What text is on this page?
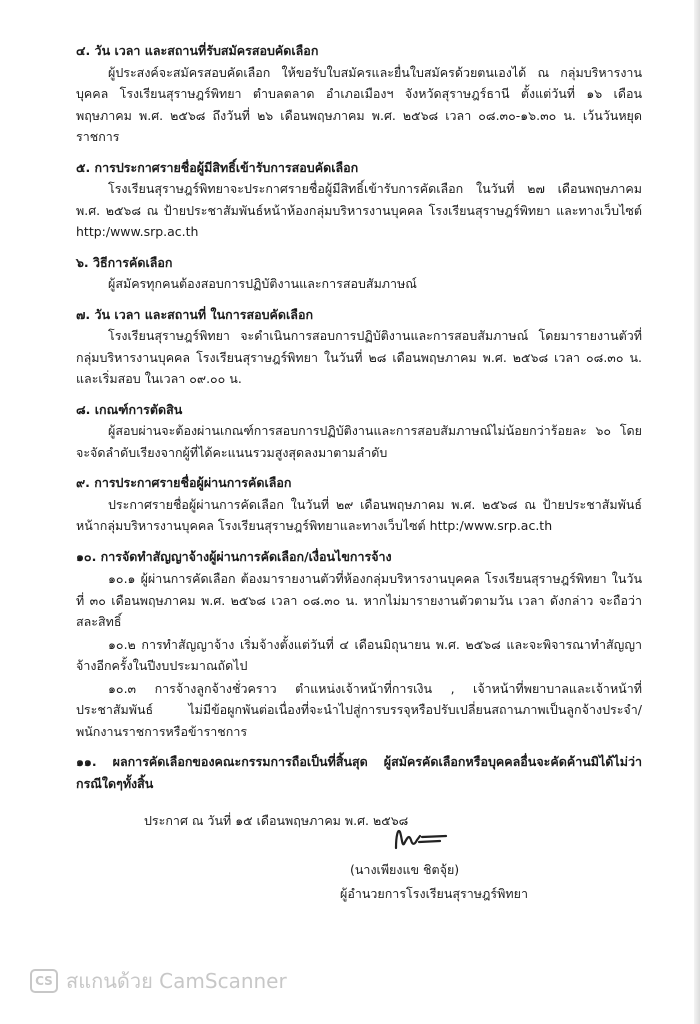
๔. วัน เวลา และสถานที่รับสมัครสอบคัดเลือก
ผู้ประสงค์จะสมัครสอบคัดเลือก ให้ขอรับใบสมัครและยื่นใบสมัครด้วยตนเองได้ ณ กลุ่มบริหารงานบุคคล โรงเรียนสุราษฎร์พิทยา ตำบลตลาด อำเภอเมืองฯ จังหวัดสุราษฎร์ธานี ตั้งแต่วันที่ ๑๖ เดือนพฤษภาคม พ.ศ. ๒๕๖๘ ถึงวันที่ ๒๖ เดือนพฤษภาคม พ.ศ. ๒๕๖๘ เวลา ๐๘.๓๐-๑๖.๓๐ น. เว้นวันหยุดราชการ
๕. การประกาศรายชื่อผู้มีสิทธิ์เข้ารับการสอบคัดเลือก
โรงเรียนสุราษฎร์พิทยาจะประกาศรายชื่อผู้มีสิทธิ์เข้ารับการคัดเลือก ในวันที่ ๒๗ เดือนพฤษภาคม พ.ศ. ๒๕๖๘ ณ ป้ายประชาสัมพันธ์หน้าห้องกลุ่มบริหารงานบุคคล โรงเรียนสุราษฎร์พิทยา และทางเว็บไซต์ http:/www.srp.ac.th
๖. วิธีการคัดเลือก
ผู้สมัครทุกคนต้องสอบการปฏิบัติงานและการสอบสัมภาษณ์
๗. วัน เวลา และสถานที่ ในการสอบคัดเลือก
โรงเรียนสุราษฎร์พิทยา จะดำเนินการสอบการปฏิบัติงานและการสอบสัมภาษณ์ โดยมารายงานตัวที่กลุ่มบริหารงานบุคคล โรงเรียนสุราษฎร์พิทยา ในวันที่ ๒๘ เดือนพฤษภาคม พ.ศ. ๒๕๖๘ เวลา ๐๘.๓๐ น. และเริ่มสอบ ในเวลา ๐๙.๐๐ น.
๘. เกณฑ์การตัดสิน
ผู้สอบผ่านจะต้องผ่านเกณฑ์การสอบการปฏิบัติงานและการสอบสัมภาษณ์ไม่น้อยกว่าร้อยละ ๖๐ โดยจะจัดลำดับเรียงจากผู้ที่ได้คะแนนรวมสูงสุดลงมาตามลำดับ
๙. การประกาศรายชื่อผู้ผ่านการคัดเลือก
ประกาศรายชื่อผู้ผ่านการคัดเลือก ในวันที่ ๒๙ เดือนพฤษภาคม พ.ศ. ๒๕๖๘ ณ ป้ายประชาสัมพันธ์หน้ากลุ่มบริหารงานบุคคล โรงเรียนสุราษฎร์พิทยาและทางเว็บไซต์ http:/www.srp.ac.th
๑๐. การจัดทำสัญญาจ้างผู้ผ่านการคัดเลือก/เงื่อนไขการจ้าง
๑๐.๑ ผู้ผ่านการคัดเลือก ต้องมารายงานตัวที่ห้องกลุ่มบริหารงานบุคคล โรงเรียนสุราษฎร์พิทยา ในวันที่ ๓๐ เดือนพฤษภาคม พ.ศ. ๒๕๖๘ เวลา ๐๘.๓๐ น. หากไม่มารายงานตัวตามวัน เวลา ดังกล่าว จะถือว่าสละสิทธิ์
๑๐.๒ การทำสัญญาจ้าง เริ่มจ้างตั้งแต่วันที่ ๔ เดือนมิถุนายน พ.ศ. ๒๕๖๘ และจะพิจารณาทำสัญญาจ้างอีกครั้งในปีงบประมาณถัดไป
๑๐.๓ การจ้างลูกจ้างชั่วคราว ตำแหน่งเจ้าหน้าที่การเงิน , เจ้าหน้าที่พยาบาลและเจ้าหน้าที่ประชาสัมพันธ์ ไม่มีข้อผูกพันต่อเนื่องที่จะนำไปสู่การบรรจุหรือปรับเปลี่ยนสถานภาพเป็นลูกจ้างประจำ/พนักงานราชการหรือข้าราชการ
๑๑. ผลการคัดเลือกของคณะกรรมการถือเป็นที่สิ้นสุด ผู้สมัครคัดเลือกหรือบุคคลอื่นจะคัดค้านมิได้ไม่ว่ากรณีใดๆทั้งสิ้น
ประกาศ ณ วันที่ ๑๕ เดือนพฤษภาคม พ.ศ. ๒๕๖๘
(นางเพียงแข ชิตจุ้ย)
ผู้อำนวยการโรงเรียนสุราษฎร์พิทยา
CS สแกนด้วย CamScanner
